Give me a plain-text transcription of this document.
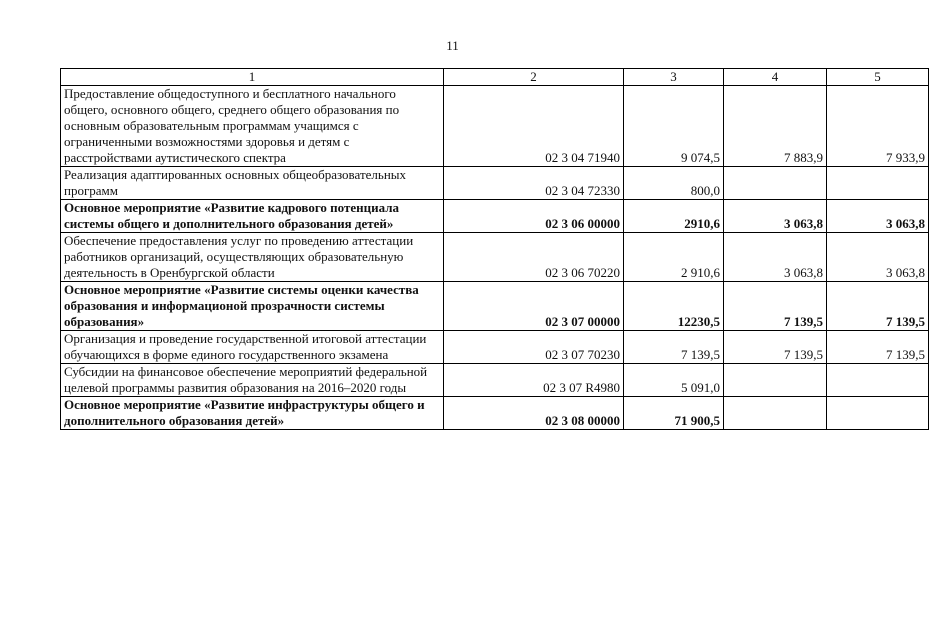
11
1	2	3	4	5
Предоставление общедоступного и бесплатного начального общего, основного общего, среднего общего образования по основным образовательным программам учащимся с ограниченными возможностями здоровья и детям с расстройствами аутистического спектра	02 3 04 71940	9 074,5	7 883,9	7 933,9
Реализация адаптированных основных общеобразовательных программ	02 3 04 72330	800,0		
Основное мероприятие «Развитие кадрового потенциала системы общего и дополнительного образования детей»	02 3 06 00000	2910,6	3 063,8	3 063,8
Обеспечение предоставления услуг по проведению аттестации работников организаций, осуществляющих образовательную деятельность в Оренбургской области	02 3 06 70220	2 910,6	3 063,8	3 063,8
Основное мероприятие «Развитие системы оценки качества образования и информационой прозрачности системы образования»	02 3 07 00000	12230,5	7 139,5	7 139,5
Организация и проведение государственной итоговой аттестации обучающихся в форме единого государственного экзамена	02 3 07 70230	7 139,5	7 139,5	7 139,5
Субсидии на финансовое обеспечение мероприятий федеральной целевой программы развития образования на 2016–2020 годы	02 3 07 R4980	5 091,0		
Основное мероприятие «Развитие инфраструктуры общего и дополнительного образования детей»	02 3 08 00000	71 900,5		
